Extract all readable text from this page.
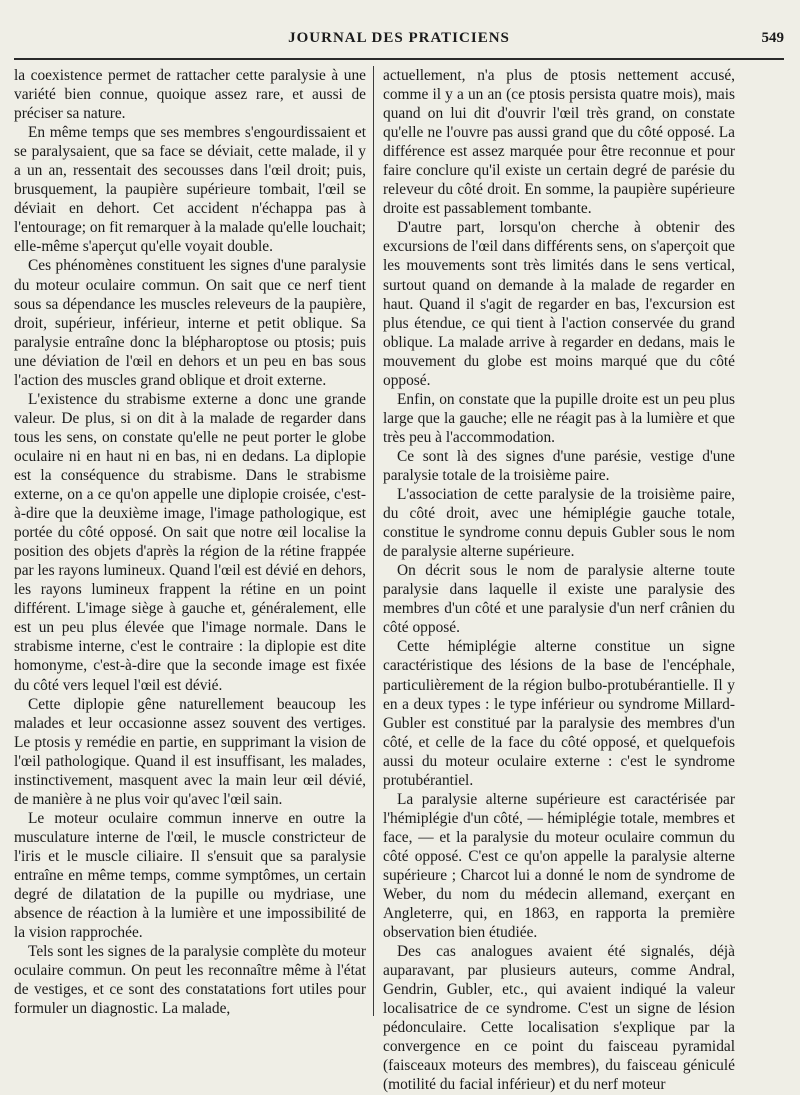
JOURNAL DES PRATICIENS	549

la coexistence permet de rattacher cette paralysie à une variété bien connue, quoique assez rare, et aussi de préciser sa nature.

En même temps que ses membres s'engourdissaient et se paralysaient, que sa face se déviait, cette malade, il y a un an, ressentait des secousses dans l'œil droit; puis, brusquement, la paupière supérieure tombait, l'œil se déviait en dehort. Cet accident n'échappa pas à l'entourage; on fit remarquer à la malade qu'elle louchait; elle-même s'aperçut qu'elle voyait double.

Ces phénomènes constituent les signes d'une paralysie du moteur oculaire commun. On sait que ce nerf tient sous sa dépendance les muscles releveurs de la paupière, droit, supérieur, inférieur, interne et petit oblique. Sa paralysie entraîne donc la blépharoptose ou ptosis; puis une déviation de l'œil en dehors et un peu en bas sous l'action des muscles grand oblique et droit externe.

L'existence du strabisme externe a donc une grande valeur. De plus, si on dit à la malade de regarder dans tous les sens, on constate qu'elle ne peut porter le globe oculaire ni en haut ni en bas, ni en dedans. La diplopie est la conséquence du strabisme. Dans le strabisme externe, on a ce qu'on appelle une diplopie croisée, c'est-à-dire que la deuxième image, l'image pathologique, est portée du côté opposé. On sait que notre œil localise la position des objets d'après la région de la rétine frappée par les rayons lumineux. Quand l'œil est dévié en dehors, les rayons lumineux frappent la rétine en un point différent. L'image siège à gauche et, généralement, elle est un peu plus élevée que l'image normale. Dans le strabisme interne, c'est le contraire : la diplopie est dite homonyme, c'est-à-dire que la seconde image est fixée du côté vers lequel l'œil est dévié.

Cette diplopie gêne naturellement beaucoup les malades et leur occasionne assez souvent des vertiges. Le ptosis y remédie en partie, en supprimant la vision de l'œil pathologique. Quand il est insuffisant, les malades, instinctivement, masquent avec la main leur œil dévié, de manière à ne plus voir qu'avec l'œil sain.

Le moteur oculaire commun innerve en outre la musculature interne de l'œil, le muscle constricteur de l'iris et le muscle ciliaire. Il s'ensuit que sa paralysie entraîne en même temps, comme symptômes, un certain degré de dilatation de la pupille ou mydriase, une absence de réaction à la lumière et une impossibilité de la vision rapprochée.

Tels sont les signes de la paralysie complète du moteur oculaire commun. On peut les reconnaître même à l'état de vestiges, et ce sont des constatations fort utiles pour formuler un diagnostic. La malade,

actuellement, n'a plus de ptosis nettement accusé, comme il y a un an (ce ptosis persista quatre mois), mais quand on lui dit d'ouvrir l'œil très grand, on constate qu'elle ne l'ouvre pas aussi grand que du côté opposé. La différence est assez marquée pour être reconnue et pour faire conclure qu'il existe un certain degré de parésie du releveur du côté droit. En somme, la paupière supérieure droite est passablement tombante.

D'autre part, lorsqu'on cherche à obtenir des excursions de l'œil dans différents sens, on s'aperçoit que les mouvements sont très limités dans le sens vertical, surtout quand on demande à la malade de regarder en haut. Quand il s'agit de regarder en bas, l'excursion est plus étendue, ce qui tient à l'action conservée du grand oblique. La malade arrive à regarder en dedans, mais le mouvement du globe est moins marqué que du côté opposé.

Enfin, on constate que la pupille droite est un peu plus large que la gauche; elle ne réagit pas à la lumière et que très peu à l'accommodation.

Ce sont là des signes d'une parésie, vestige d'une paralysie totale de la troisième paire.

L'association de cette paralysie de la troisième paire, du côté droit, avec une hémiplégie gauche totale, constitue le syndrome connu depuis Gubler sous le nom de paralysie alterne supérieure.

On décrit sous le nom de paralysie alterne toute paralysie dans laquelle il existe une paralysie des membres d'un côté et une paralysie d'un nerf crânien du côté opposé.

Cette hémiplégie alterne constitue un signe caractéristique des lésions de la base de l'encéphale, particulièrement de la région bulbo-protubérantielle. Il y en a deux types : le type inférieur ou syndrome Millard-Gubler est constitué par la paralysie des membres d'un côté, et celle de la face du côté opposé, et quelquefois aussi du moteur oculaire externe : c'est le syndrome protubérantiel.

La paralysie alterne supérieure est caractérisée par l'hémiplégie d'un côté, — hémiplégie totale, membres et face, — et la paralysie du moteur oculaire commun du côté opposé. C'est ce qu'on appelle la paralysie alterne supérieure ; Charcot lui a donné le nom de syndrome de Weber, du nom du médecin allemand, exerçant en Angleterre, qui, en 1863, en rapporta la première observation bien étudiée.

Des cas analogues avaient été signalés, déjà auparavant, par plusieurs auteurs, comme Andral, Gendrin, Gubler, etc., qui avaient indiqué la valeur localisatrice de ce syndrome. C'est un signe de lésion pédonculaire. Cette localisation s'explique par la convergence en ce point du faisceau pyramidal (faisceaux moteurs des membres), du faisceau géniculé (motilité du facial inférieur) et du nerf moteur
